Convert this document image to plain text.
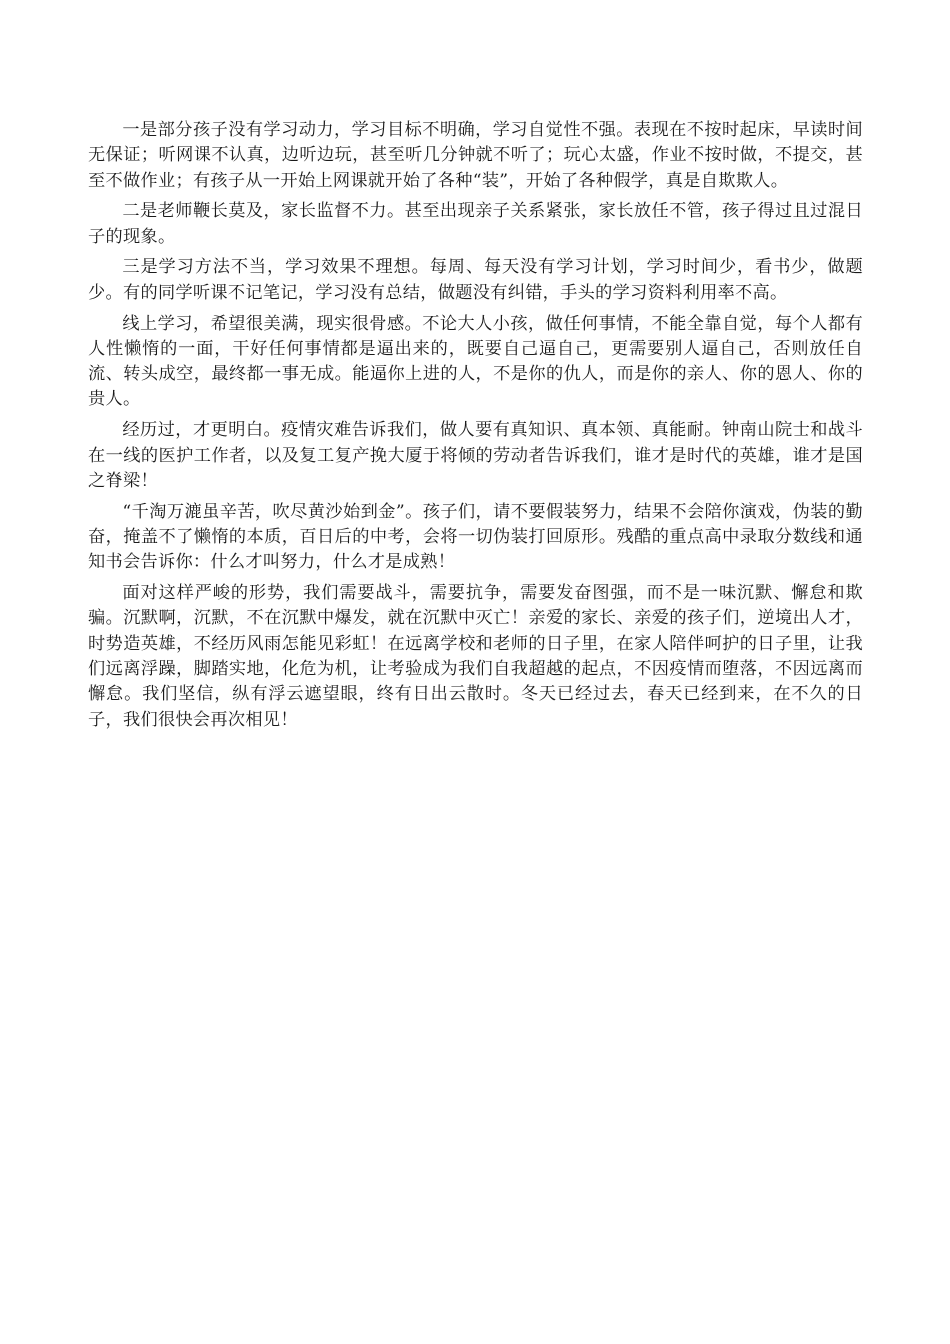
一是部分孩子没有学习动力，学习目标不明确，学习自觉性不强。表现在不按时起床，早读时间无保证；听网课不认真，边听边玩，甚至听几分钟就不听了；玩心太盛，作业不按时做，不提交，甚至不做作业；有孩子从一开始上网课就开始了各种“装”，开始了各种假学，真是自欺欺人。

二是老师鞭长莫及，家长监督不力。甚至出现亲子关系紧张，家长放任不管，孩子得过且过混日子的现象。

三是学习方法不当，学习效果不理想。每周、每天没有学习计划，学习时间少，看书少，做题少。有的同学听课不记笔记，学习没有总结，做题没有纠错，手头的学习资料利用率不高。

线上学习，希望很美满，现实很骨感。不论大人小孩，做任何事情，不能全靠自觉，每个人都有人性懒惰的一面，干好任何事情都是逼出来的，既要自己逼自己，更需要别人逼自己，否则放任自流、转头成空，最终都一事无成。能逼你上进的人，不是你的仇人，而是你的亲人、你的恩人、你的贵人。

经历过，才更明白。疫情灾难告诉我们，做人要有真知识、真本领、真能耐。钟南山院士和战斗在一线的医护工作者，以及复工复产挽大厦于将倾的劳动者告诉我们，谁才是时代的英雄，谁才是国之脊梁！

“千淘万漉虽辛苦，吹尽黄沙始到金”。孩子们，请不要假装努力，结果不会陪你演戏，伪装的勤奋，掩盖不了懒惰的本质，百日后的中考，会将一切伪装打回原形。残酷的重点高中录取分数线和通知书会告诉你：什么才叫努力，什么才是成熟！

面对这样严峻的形势，我们需要战斗，需要抗争，需要发奋图强，而不是一味沉默、懈怠和欺骗。沉默啊，沉默，不在沉默中爆发，就在沉默中灭亡！亲爱的家长、亲爱的孩子们，逆境出人才，时势造英雄，不经历风雨怎能见彩虹！在远离学校和老师的日子里，在家人陪伴呵护的日子里，让我们远离浮躁，脚踏实地，化危为机，让考验成为我们自我超越的起点，不因疫情而堕落，不因远离而懈怠。我们坚信，纵有浮云遮望眼，终有日出云散时。冬天已经过去，春天已经到来，在不久的日子，我们很快会再次相见！
